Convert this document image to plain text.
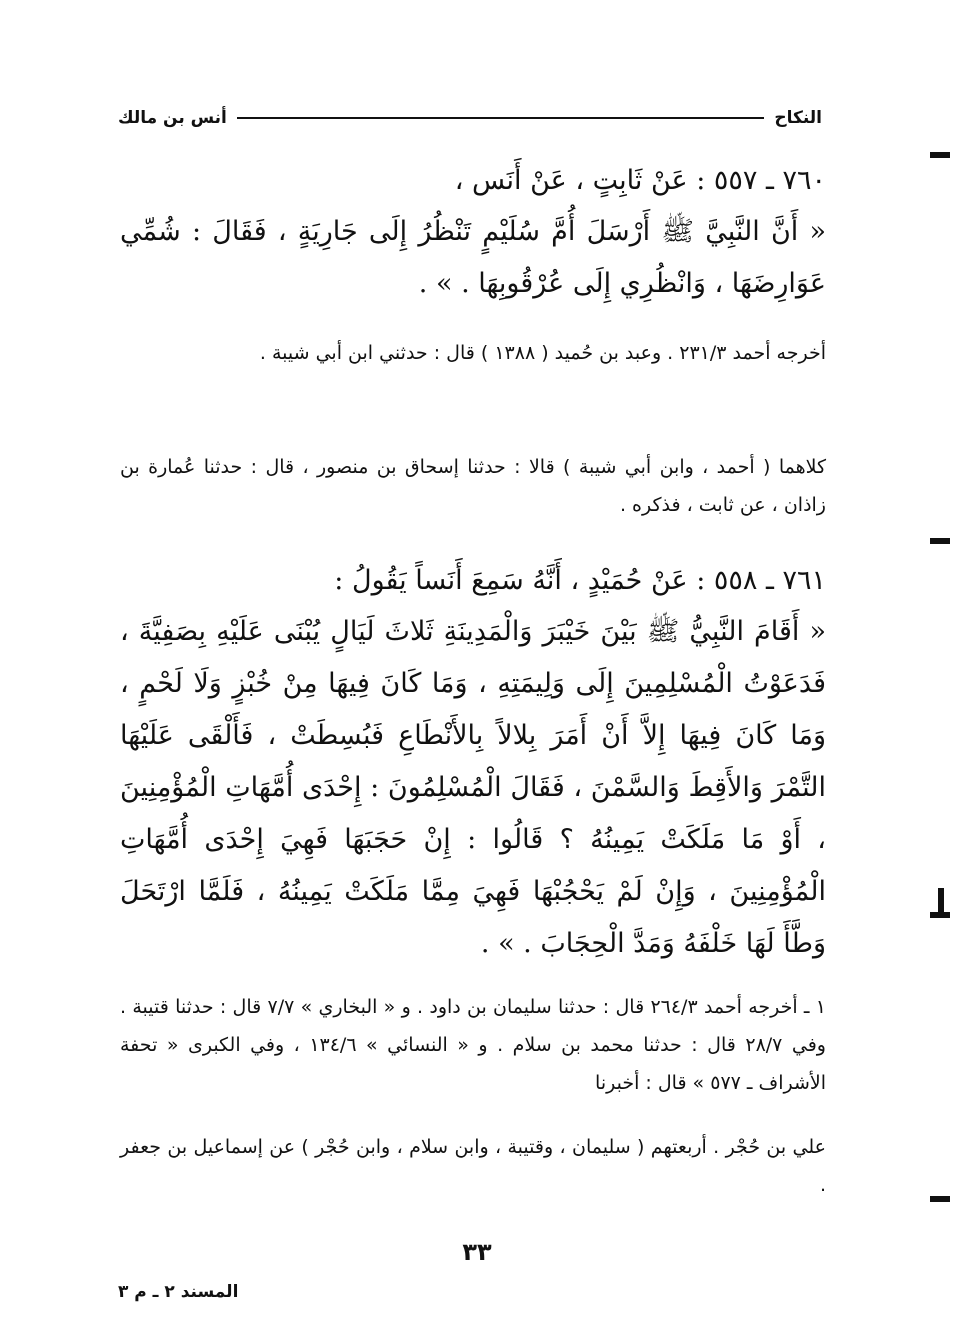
النكاح
أنس بن مالك
٧٦٠ ـ ٥٥٧ : عَنْ ثَابِتٍ ، عَنْ أَنَس ،
« أَنَّ النَّبِيَّ ﷺ أَرْسَلَ أُمَّ سُلَيْمٍ تَنْظُرُ إِلَى جَارِيَةٍ ، فَقَالَ : شُمِّي عَوَارِضَهَا ، وَانْظُرِي إِلَى عُرْقُوبِهَا . » .
أخرجه أحمد ٢٣١/٣ . وعبد بن حُميد ( ١٣٨٨ ) قال : حدثني ابن أبي شيبة .
كلاهما ( أحمد ، وابن أبي شيبة ) قالا : حدثنا إسحاق بن منصور ، قال : حدثنا عُمارة بن زاذان ، عن ثابت ، فذكره .
٧٦١ ـ ٥٥٨ : عَنْ حُمَيْدٍ ، أَنَّهُ سَمِعَ أَنَساً يَقُولُ :
« أَقَامَ النَّبِيُّ ﷺ بَيْنَ خَيْبَرَ وَالْمَدِينَةِ ثَلاثَ لَيَالٍ يُبْنَى عَلَيْهِ بِصَفِيَّةَ ، فَدَعَوْتُ الْمُسْلِمِينَ إِلَى وَلِيمَتِهِ ، وَمَا كَانَ فِيهَا مِنْ خُبْزٍ وَلَا لَحْمٍ ، وَمَا كَانَ فِيهَا إِلاَّ أَنْ أَمَرَ بِلالاً بِالأَنْطَاعِ فَبُسِطَتْ ، فَأَلْقَى عَلَيْهَا التَّمْرَ وَالأَقِطَ وَالسَّمْنَ ، فَقَالَ الْمُسْلِمُونَ : إِحْدَى أُمَّهَاتِ الْمُؤْمِنِينَ ، أَوْ مَا مَلَكَتْ يَمِينُهُ ؟ قَالُوا : إِنْ حَجَبَهَا فَهِيَ إِحْدَى أُمَّهَاتِ الْمُؤْمِنِينَ ، وَإِنْ لَمْ يَحْجُبْهَا فَهِيَ مِمَّا مَلَكَتْ يَمِينُهُ ، فَلَمَّا ارْتَحَلَ وَطَّأَ لَهَا خَلْفَهُ وَمَدَّ الْحِجَابَ . » .
١ ـ أخرجه أحمد ٢٦٤/٣ قال : حدثنا سليمان بن داود . و « البخاري » ٧/٧ قال : حدثنا قتيبة . وفي ٢٨/٧ قال : حدثنا محمد بن سلام . و « النسائي » ١٣٤/٦ ، وفي الكبرى « تحفة الأشراف ـ ٥٧٧ » قال : أخبرنا
علي بن حُجْر . أربعتهم ( سليمان ، وقتيبة ، وابن سلام ، وابن حُجْر ) عن إسماعيل بن جعفر .
٣٣
المسند ٢ ـ م ٣
